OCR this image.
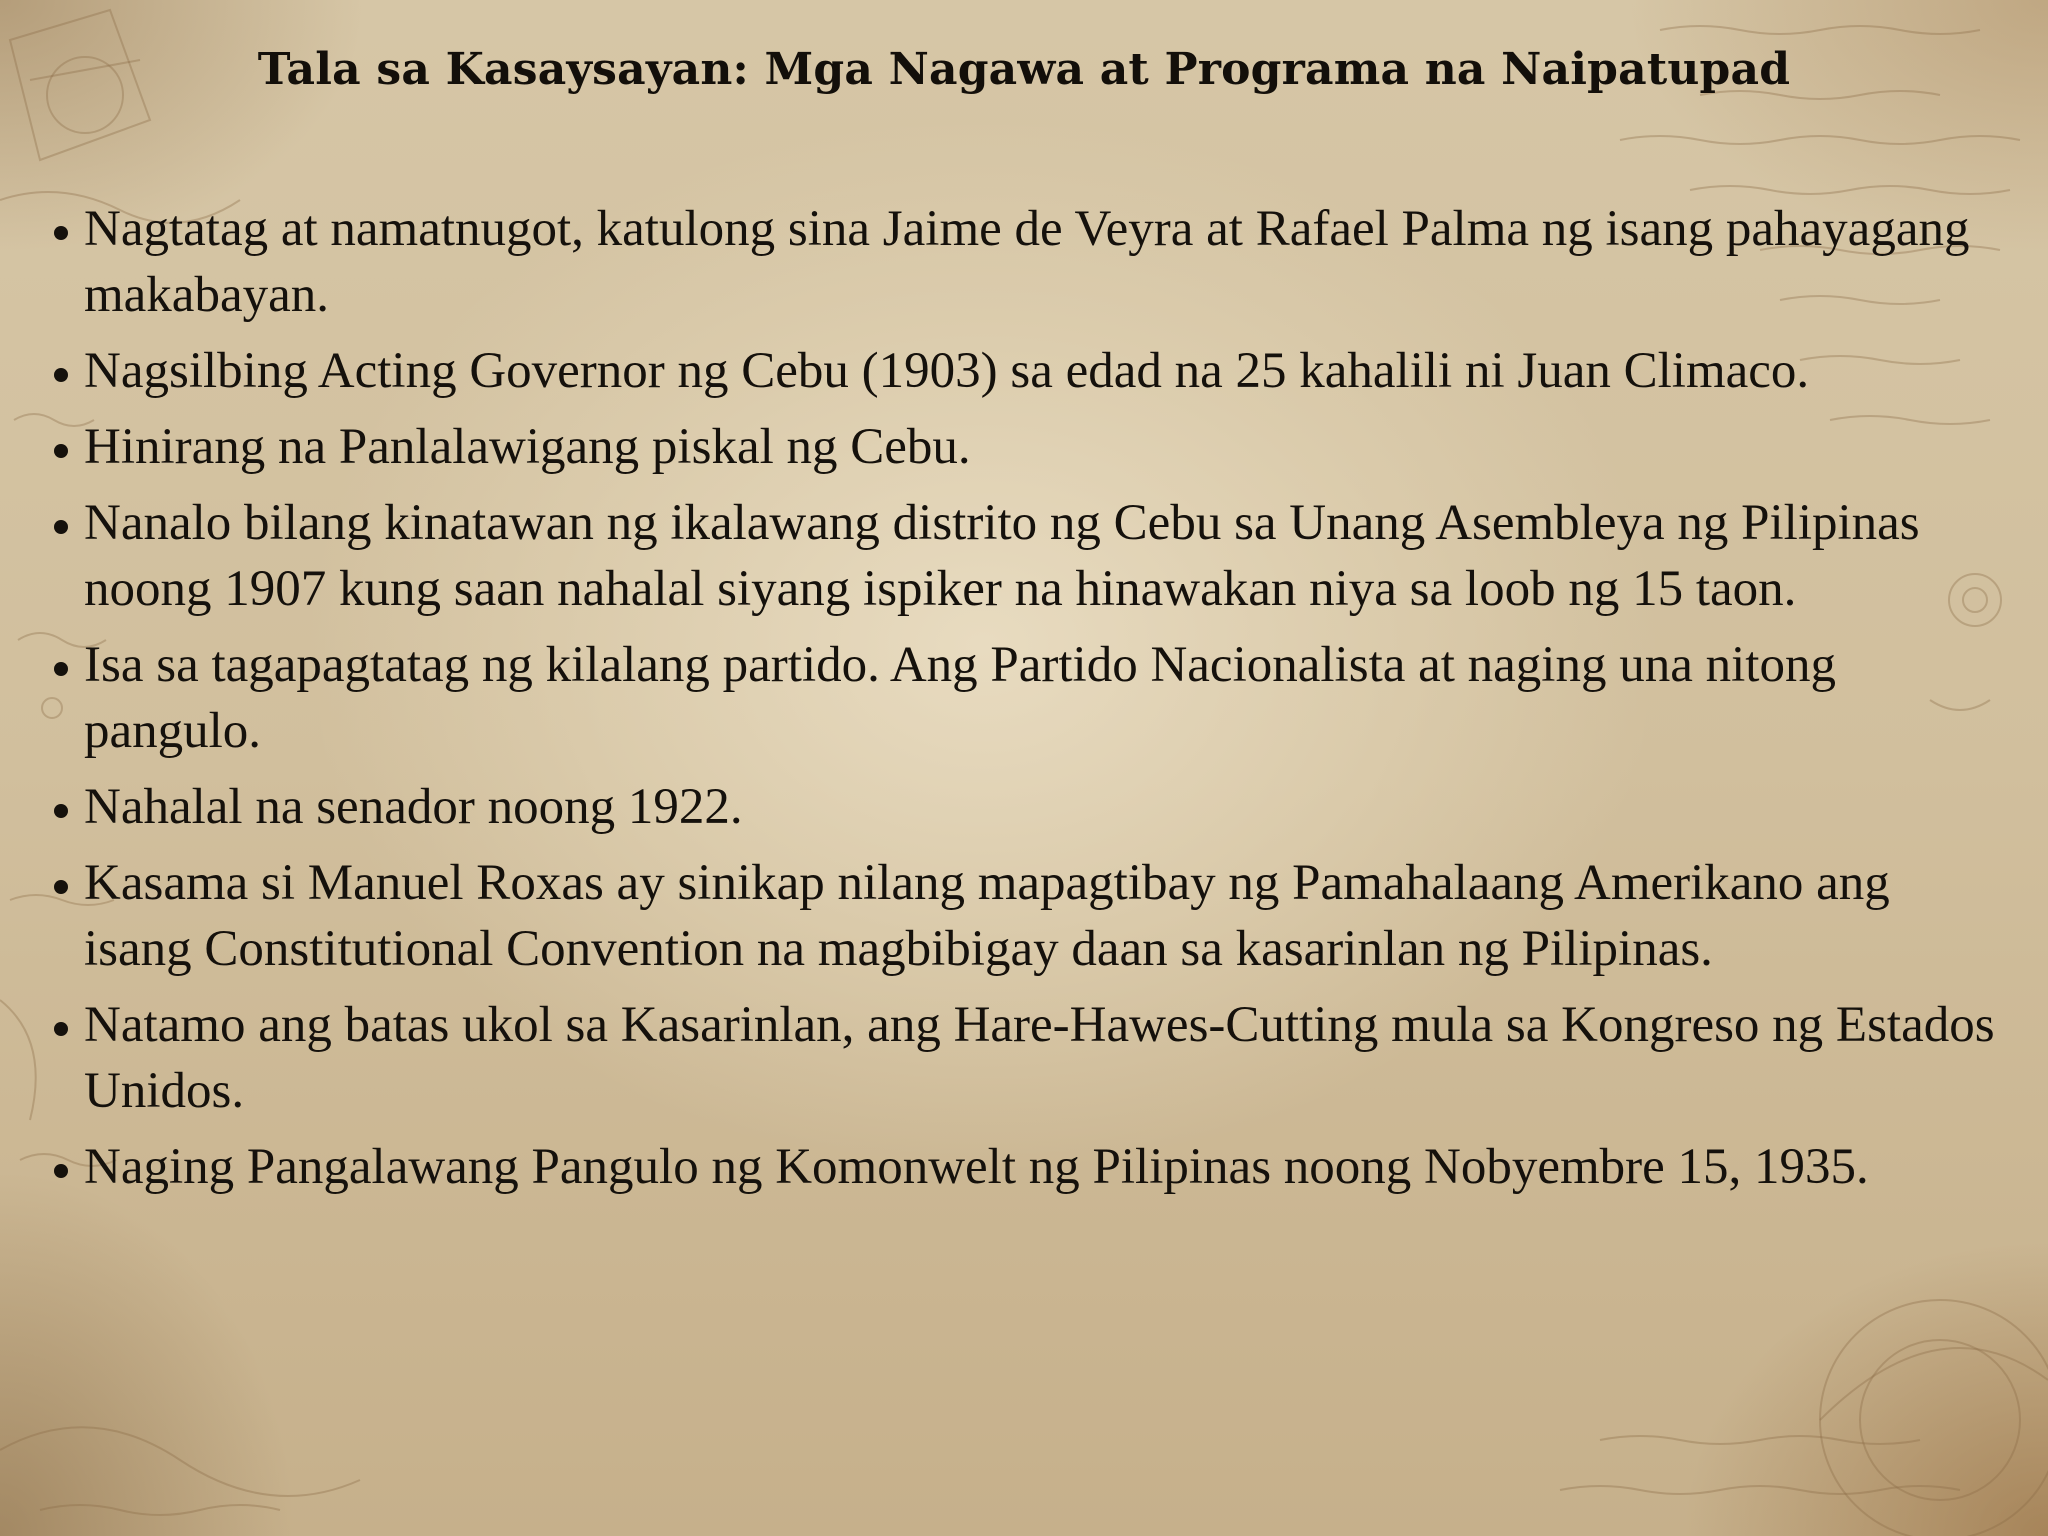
Tala sa Kasaysayan: Mga Nagawa at Programa na Naipatupad
Nagtatag at namatnugot, katulong sina Jaime de Veyra at Rafael Palma ng isang pahayagang makabayan.
Nagsilbing Acting Governor ng Cebu (1903) sa edad na 25 kahalili ni Juan Climaco.
Hinirang na Panlalawigang piskal ng Cebu.
Nanalo bilang kinatawan ng ikalawang distrito ng Cebu sa Unang Asembleya ng Pilipinas noong 1907 kung saan nahalal siyang ispiker na hinawakan niya sa loob ng 15 taon.
Isa sa tagapagtatag ng kilalang partido. Ang Partido Nacionalista at naging una nitong pangulo.
Nahalal na senador noong 1922.
Kasama si Manuel Roxas ay sinikap nilang mapagtibay ng Pamahalaang Amerikano ang isang Constitutional Convention na magbibigay daan sa kasarinlan ng Pilipinas.
Natamo ang batas ukol sa Kasarinlan, ang Hare-Hawes-Cutting mula sa Kongreso ng Estados Unidos.
Naging Pangalawang Pangulo ng Komonwelt ng Pilipinas noong Nobyembre 15, 1935.
